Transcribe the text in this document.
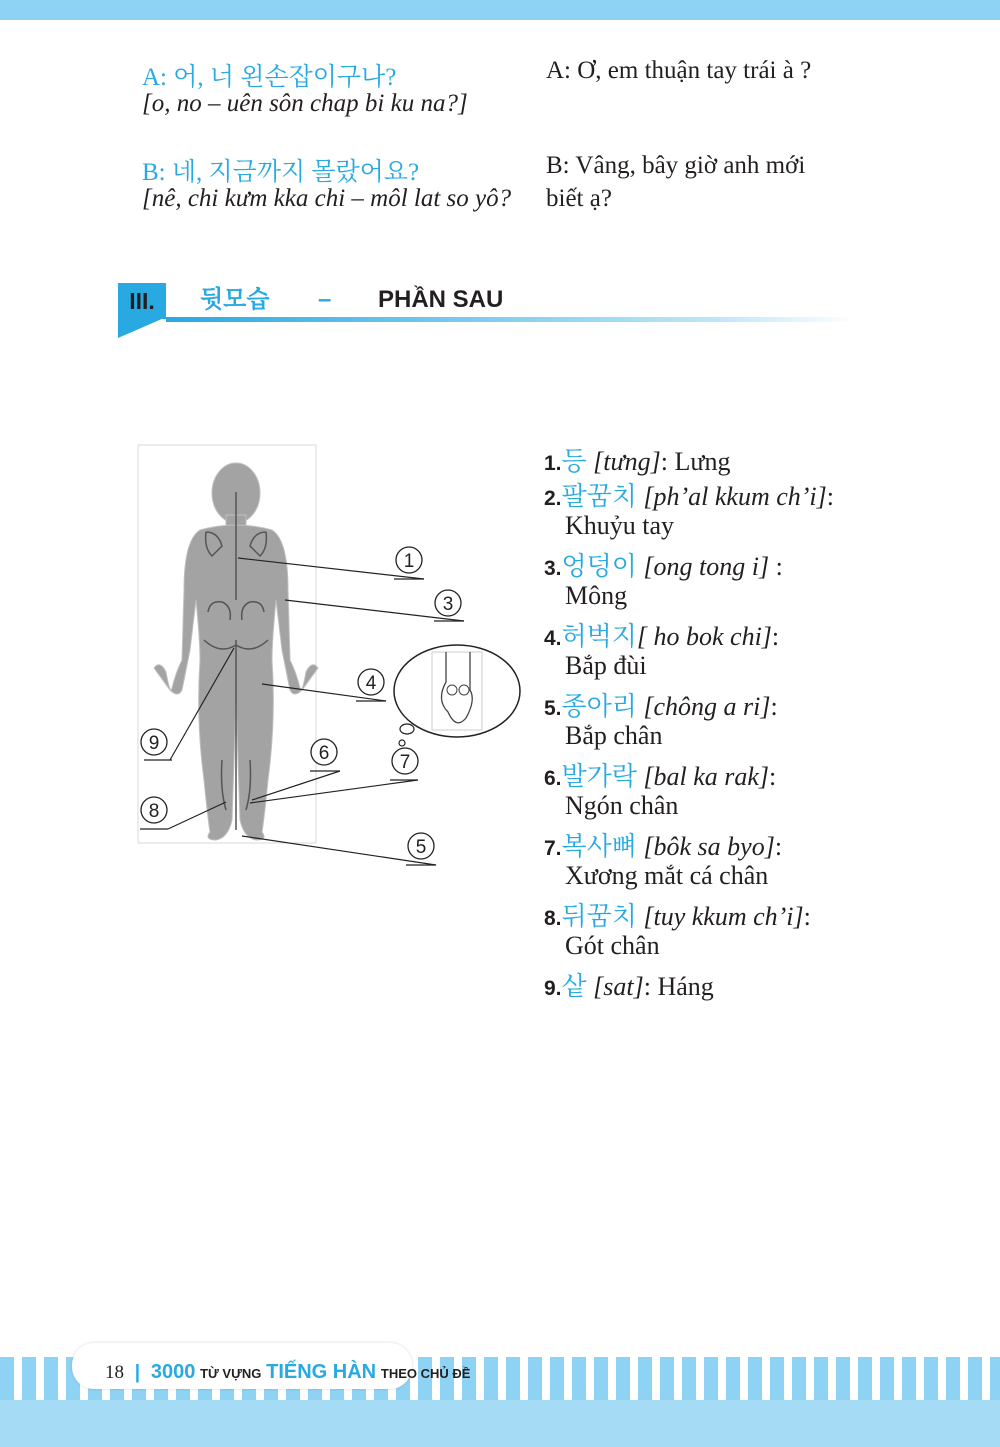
A: 어, 너 왼손잡이구나?
[o, no – uên sôn chap bi ku na?]
A: Ơ, em thuận tay trái à ?
B: 네, 지금까지 몰랐어요?
[nê, chi kưm kka chi – môl lat so yô?
B: Vâng, bây giờ anh mới
biết ạ?
III.	뒷모습 – PHẦN SAU
1
3
4
9	6	7
8
5
1.등 [tưng]: Lưng
2.팔꿈치 [ph’al kkum ch’i]:
Khuỷu tay
3.엉덩이 [ong tong i] :
Mông
4.허벅지[ ho bok chi]:
Bắp đùi
5.종아리 [chông a ri]:
Bắp chân
6.발가락 [bal ka rak]:
Ngón chân
7.복사뼈 [bôk sa byo]:
Xương mắt cá chân
8.뒤꿈치 [tuy kkum ch’i]:
Gót chân
9.샅 [sat]: Háng
18 | 3000 TỪ VỰNG TIẾNG HÀN THEO CHỦ ĐỀ
